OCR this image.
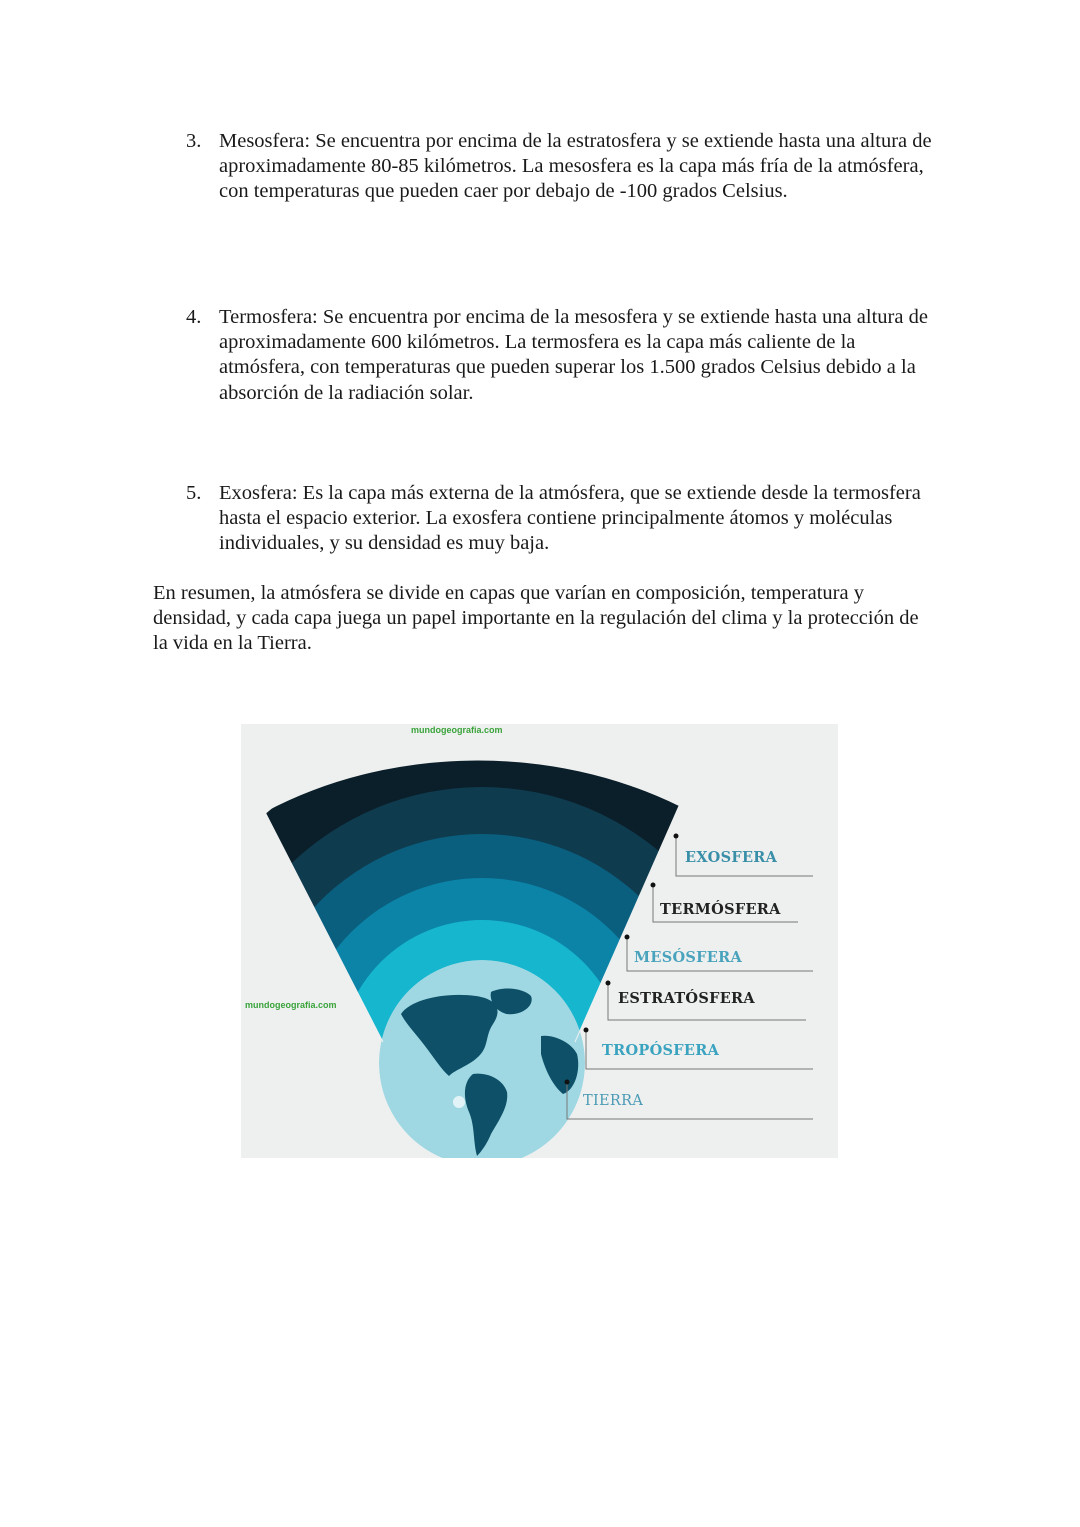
3. Mesosfera: Se encuentra por encima de la estratosfera y se extiende hasta una altura de aproximadamente 80-85 kilómetros. La mesosfera es la capa más fría de la atmósfera, con temperaturas que pueden caer por debajo de -100 grados Celsius.
4. Termosfera: Se encuentra por encima de la mesosfera y se extiende hasta una altura de aproximadamente 600 kilómetros. La termosfera es la capa más caliente de la atmósfera, con temperaturas que pueden superar los 1.500 grados Celsius debido a la absorción de la radiación solar.
5. Exosfera: Es la capa más externa de la atmósfera, que se extiende desde la termosfera hasta el espacio exterior. La exosfera contiene principalmente átomos y moléculas individuales, y su densidad es muy baja.

En resumen, la atmósfera se divide en capas que varían en composición, temperatura y densidad, y cada capa juega un papel importante en la regulación del clima y la protección de la vida en la Tierra.

mundogeografia.com
mundogeografia.com
EXOSFERA
TERMÓSFERA
MESÓSFERA
ESTRATÓSFERA
TROPÓSFERA
TIERRA
